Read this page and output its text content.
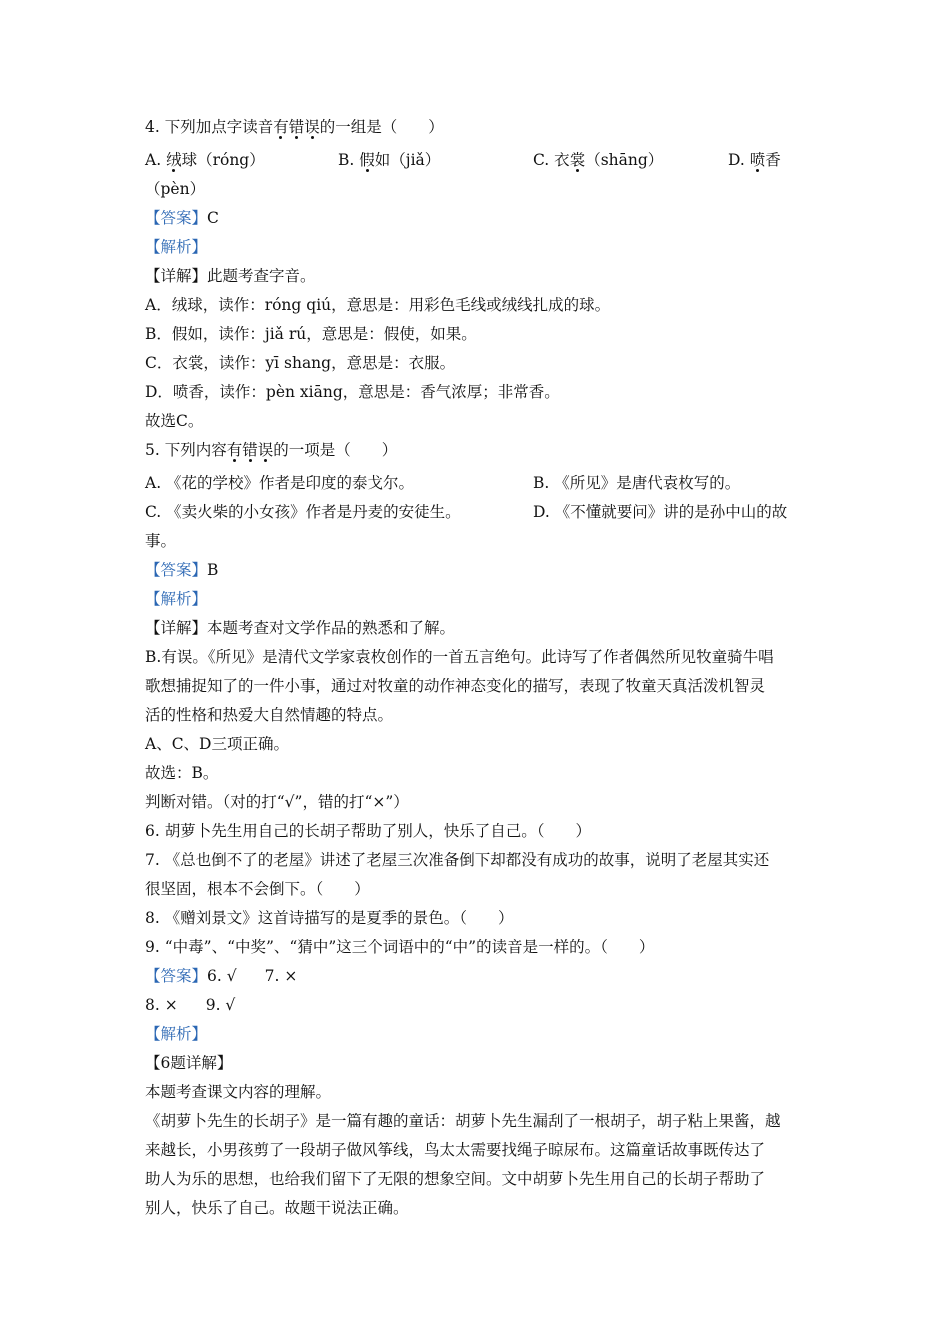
4. 下列加点字读音有错误的一组是（　　）
A. 绒球（róng）	B. 假如（jiǎ）	C. 衣裳（shāng）	D. 喷香
（pèn）
【答案】C
【解析】
【详解】此题考查字音。
A．绒球，读作：róng qiú，意思是：用彩色毛线或绒线扎成的球。
B．假如，读作：jiǎ rú，意思是：假使，如果。
C．衣裳，读作：yī shang，意思是：衣服。
D．喷香，读作：pèn xiāng，意思是：香气浓厚；非常香。
故选C。
5. 下列内容有错误的一项是（　　）
A. 《花的学校》作者是印度的泰戈尔。	B. 《所见》是唐代袁枚写的。
C. 《卖火柴的小女孩》作者是丹麦的安徒生。	D. 《不懂就要问》讲的是孙中山的故
事。
【答案】B
【解析】
【详解】本题考查对文学作品的熟悉和了解。
B.有误。《所见》是清代文学家袁枚创作的一首五言绝句。此诗写了作者偶然所见牧童骑牛唱
歌想捕捉知了的一件小事，通过对牧童的动作神态变化的描写，表现了牧童天真活泼机智灵
活的性格和热爱大自然情趣的特点。
A、C、D三项正确。
故选：B。
判断对错。（对的打“√”，错的打“×”）
6. 胡萝卜先生用自己的长胡子帮助了别人，快乐了自己。（　　）
7. 《总也倒不了的老屋》讲述了老屋三次准备倒下却都没有成功的故事，说明了老屋其实还
很坚固，根本不会倒下。（　　）
8. 《赠刘景文》这首诗描写的是夏季的景色。（　　）
9. “中毒”、“中奖”、“猜中”这三个词语中的“中”的读音是一样的。（　　）
【答案】6. √ 7. ×
8. × 9. √
【解析】
【6题详解】
本题考查课文内容的理解。
《胡萝卜先生的长胡子》是一篇有趣的童话：胡萝卜先生漏刮了一根胡子，胡子粘上果酱，越
来越长，小男孩剪了一段胡子做风筝线，鸟太太需要找绳子晾尿布。这篇童话故事既传达了
助人为乐的思想，也给我们留下了无限的想象空间。文中胡萝卜先生用自己的长胡子帮助了
别人，快乐了自己。故题干说法正确。
